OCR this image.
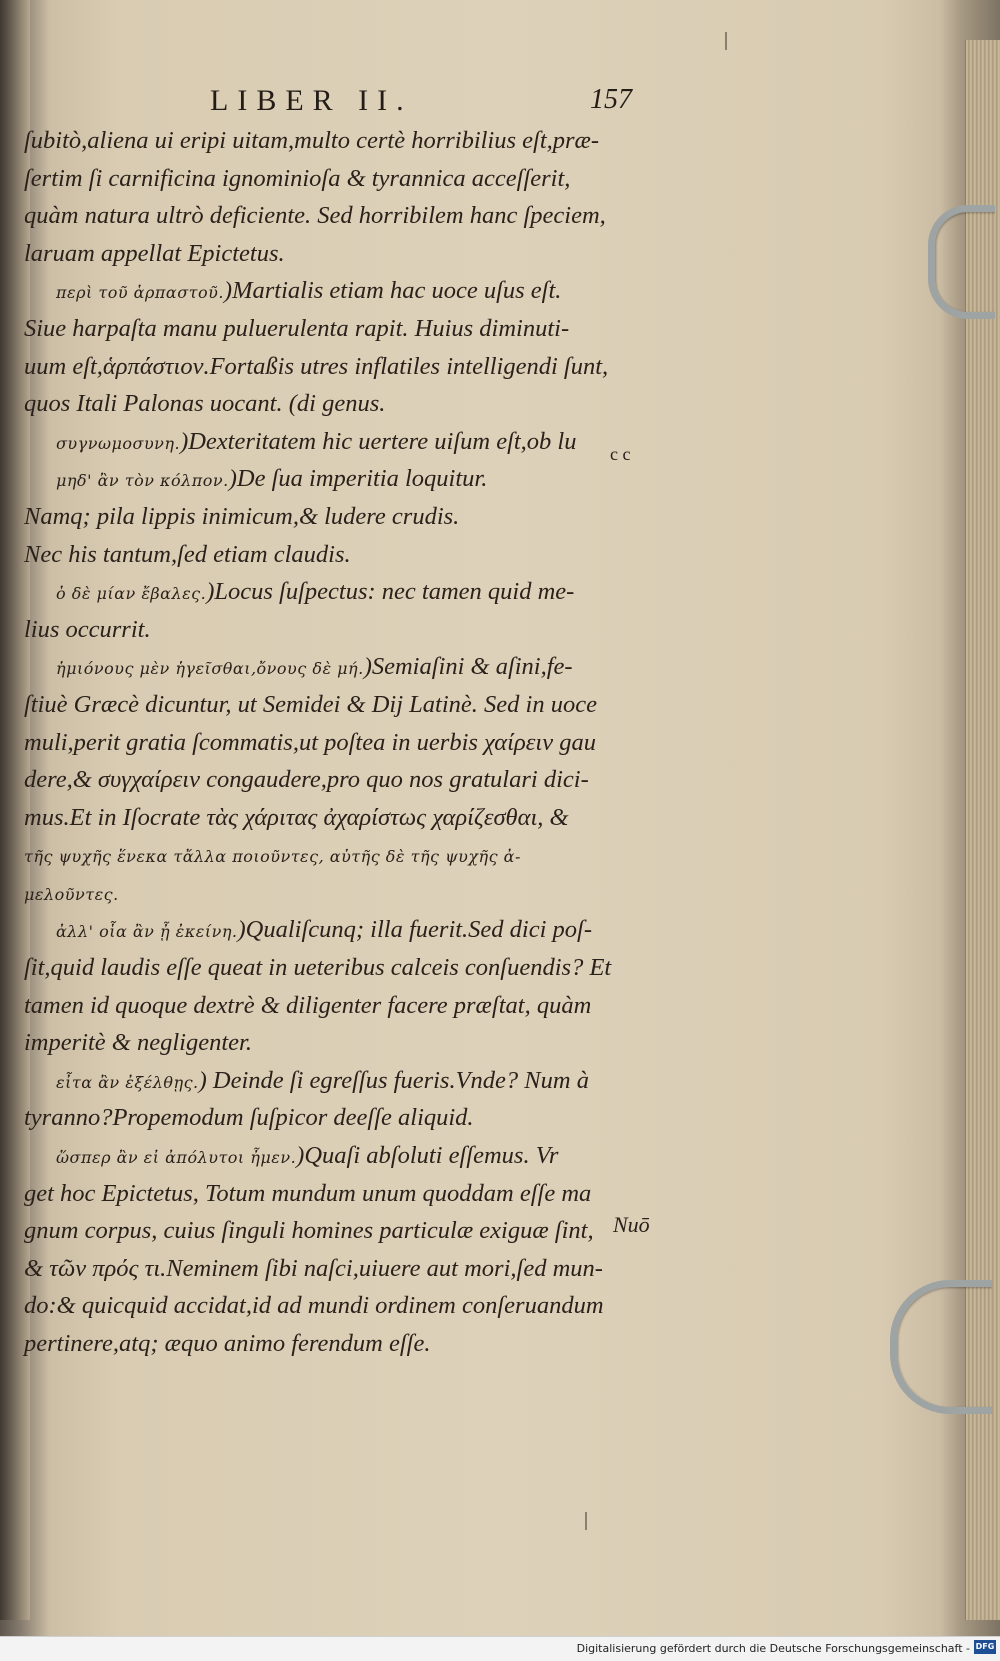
LIBER II.	157
ſubitò,aliena ui eripi uitam,multo certè horribilius eſt,præ-
ſertim ſi carnificina ignominioſa & tyrannica acceſſerit,
quàm natura ultrò deficiente. Sed horribilem hanc ſpeciem,
laruam appellat Epictetus.
περὶ τοῦ ἁρπαστοῦ.)Martialis etiam hac uoce uſus eſt.
Siue harpaſta manu puluerulenta rapit. Huius diminuti-
uum eſt,ἁρπάστιον.Fortaßis utres inflatiles intelligendi ſunt,
quos Itali Palonas uocant. (di genus.
συγνωμοσυνη.)Dexteritatem hic uertere uiſum eſt,ob lu
μηδ' ἂν τὸν κόλπον.)De ſua imperitia loquitur.
Namq; pila lippis inimicum,& ludere crudis.
Nec his tantum,ſed etiam claudis.
ὁ δὲ μίαν ἔβαλες.)Locus ſuſpectus: nec tamen quid me-
lius occurrit.
ἡμιόνους μὲν ἡγεῖσθαι,ὄνους δὲ μή.)Semiaſini & aſini,fe-
ſtiuè Græcè dicuntur, ut Semidei & Dij Latinè. Sed in uoce
muli,perit gratia ſcommatis,ut poſtea in uerbis χαίρειν gau
dere,& συγχαίρειν congaudere,pro quo nos gratulari dici-
mus.Et in Iſocrate τὰς χάριτας ἀχαρίστως χαρίζεσθαι, &
τῆς ψυχῆς ἕνεκα τἄλλα ποιοῦντες, αὐτῆς δὲ τῆς ψυχῆς ἀ-
μελοῦντες.
ἀλλ' οἷα ἂν ᾖ ἐκείνη.)Qualiſcunq; illa fuerit.Sed dici poſ-
ſit,quid laudis eſſe queat in ueteribus calceis conſuendis? Et
tamen id quoque dextrè & diligenter facere præſtat, quàm
imperitè & negligenter.
εἶτα ἂν ἐξέλθῃς.) Deinde ſi egreſſus fueris.Vnde? Num à
tyranno?Propemodum ſuſpicor deeſſe aliquid.
ὥσπερ ἂν εἰ ἀπόλυτοι ἦμεν.)Quaſi abſoluti eſſemus. Vr
get hoc Epictetus, Totum mundum unum quoddam eſſe ma
gnum corpus, cuius ſinguli homines particulæ exiguæ ſint,
& τῶν πρός τι.Neminem ſibi naſci,uiuere aut mori,ſed mun-
do:& quicquid accidat,id ad mundi ordinem conſeruandum
pertinere,atq; æquo animo ferendum eſſe.
c c
Nuō
Digitalisierung gefördert durch die Deutsche Forschungsgemeinschaft - DFG
